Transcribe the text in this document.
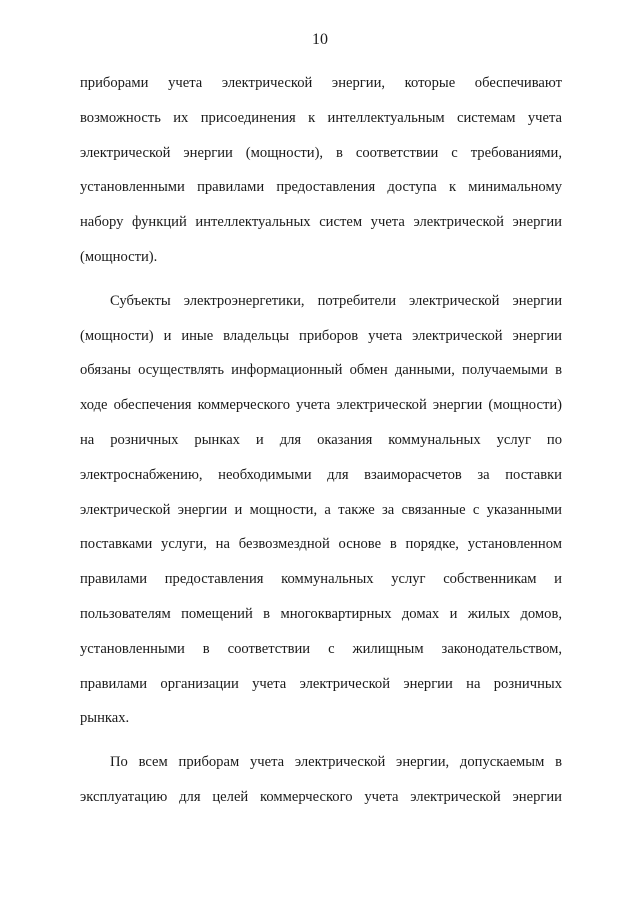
10
приборами учета электрической энергии, которые обеспечивают
возможность их присоединения к интеллектуальным системам учета
электрической энергии (мощности), в соответствии с требованиями,
установленными правилами предоставления доступа к минимальному
набору функций интеллектуальных систем учета электрической энергии
(мощности).
Субъекты электроэнергетики, потребители электрической энергии
(мощности) и иные владельцы приборов учета электрической энергии
обязаны осуществлять информационный обмен данными, получаемыми в
ходе обеспечения коммерческого учета электрической энергии (мощности)
на розничных рынках и для оказания коммунальных услуг по
электроснабжению, необходимыми для взаиморасчетов за поставки
электрической энергии и мощности, а также за связанные с указанными
поставками услуги, на безвозмездной основе в порядке, установленном
правилами предоставления коммунальных услуг собственникам и
пользователям помещений в многоквартирных домах и жилых домов,
установленными в соответствии с жилищным законодательством,
правилами организации учета электрической энергии на розничных
рынках.
По всем приборам учета электрической энергии, допускаемым в
эксплуатацию для целей коммерческого учета электрической энергии
